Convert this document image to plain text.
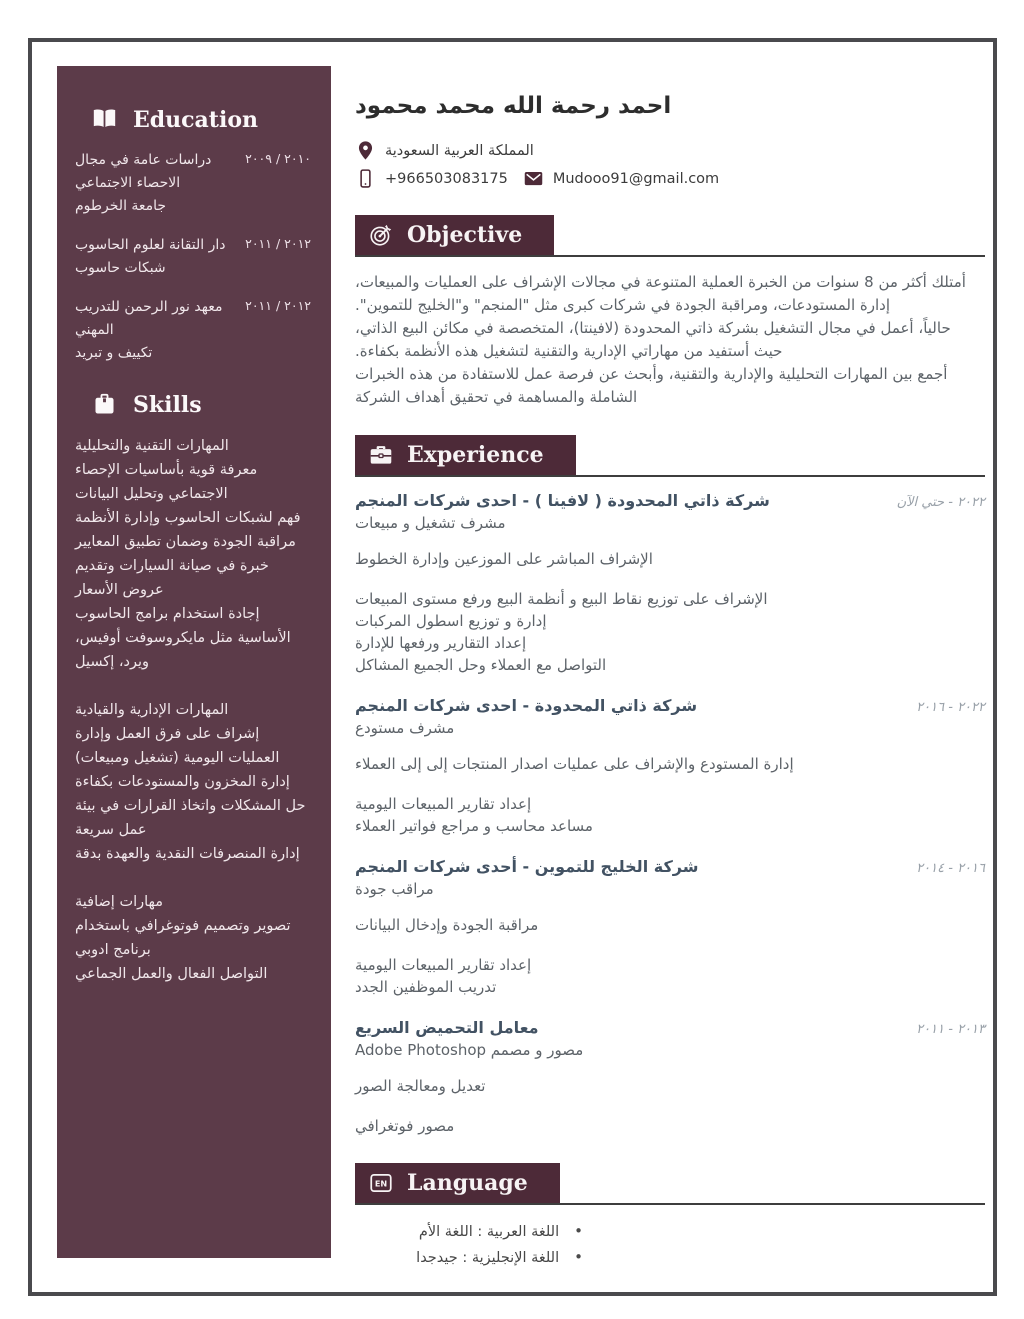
Education
دراسات عامة في مجال الاحصاء الاجتماعي
جامعة الخرطوم
٢٠١٠ / ٢٠٠٩
دار التقانة لعلوم الحاسوب
شبكات حاسوب
٢٠١٢ / ٢٠١١
معهد نور الرحمن للتدريب المهني
تكييف و تبريد
٢٠١٢ / ٢٠١١
Skills
المهارات التقنية والتحليلية
معرفة قوية بأساسيات الإحصاء الاجتماعي وتحليل البيانات
فهم لشبكات الحاسوب وإدارة الأنظمة
مراقبة الجودة وضمان تطبيق المعايير
خبرة في صيانة السيارات وتقديم عروض الأسعار
إجادة استخدام برامج الحاسوب الأساسية مثل مايكروسوفت أوفيس، ويرد، إكسيل
المهارات الإدارية والقيادية
إشراف على فرق العمل وإدارة العمليات اليومية (تشغيل ومبيعات)
إدارة المخزون والمستودعات بكفاءة
حل المشكلات واتخاذ القرارات في بيئة عمل سريعة
إدارة المنصرفات النقدية والعهدة بدقة
مهارات إضافية
تصوير وتصميم فوتوغرافي باستخدام برنامج ادوبي
التواصل الفعال والعمل الجماعي
احمد رحمة الله محمد محمود
المملكة العربية السعودية
+966503083175	Mudooo91@gmail.com
Objective
أمتلك أكثر من 8 سنوات من الخبرة العملية المتنوعة في مجالات الإشراف على العمليات والمبيعات،
إدارة المستودعات، ومراقبة الجودة في شركات كبرى مثل "المنجم" و"الخليج للتموين".
حالياً، أعمل في مجال التشغيل بشركة ذاتي المحدودة (لافينتا)، المتخصصة في مكائن البيع الذاتي،
حيث أستفيد من مهاراتي الإدارية والتقنية لتشغيل هذه الأنظمة بكفاءة.
أجمع بين المهارات التحليلية والإدارية والتقنية، وأبحث عن فرصة عمل للاستفادة من هذه الخبرات
الشاملة والمساهمة في تحقيق أهداف الشركة
Experience
شركة ذاتي المحدودة ( لافينا ) - احدى شركات المنجم	٢٠٢٢ - حتي الآن
مشرف تشغيل و مبيعات
الإشراف المباشر على الموزعين وإدارة الخطوط
الإشراف على توزيع نقاط البيع و أنظمة البيع ورفع مستوى المبيعات
إدارة و توزيع اسطول المركبات
إعداد التقارير ورفعها للإدارة
التواصل مع العملاء وحل الجميع المشاكل
شركة ذاتي المحدودة - احدى شركات المنجم	٢٠٢٢ - ٢٠١٦
مشرف مستودع
إدارة المستودع والإشراف على عمليات اصدار المنتجات إلى إلى العملاء
إعداد تقارير المبيعات اليومية
مساعد محاسب و مراجع فواتير العملاء
شركة الخليج للتموين - أحدى شركات المنجم	٢٠١٦ - ٢٠١٤
مراقب جودة
مراقبة الجودة وإدخال البيانات
إعداد تقارير المبيعات اليومية
تدريب الموظفين الجدد
معامل التحميض السريع	٢٠١٣ - ٢٠١١
مصور و مصمم Adobe Photoshop
تعديل ومعالجة الصور
مصور فوتغرافي
EN Language
•اللغة العربية : اللغة الأم
•اللغة الإنجليزية : جيدجدا
